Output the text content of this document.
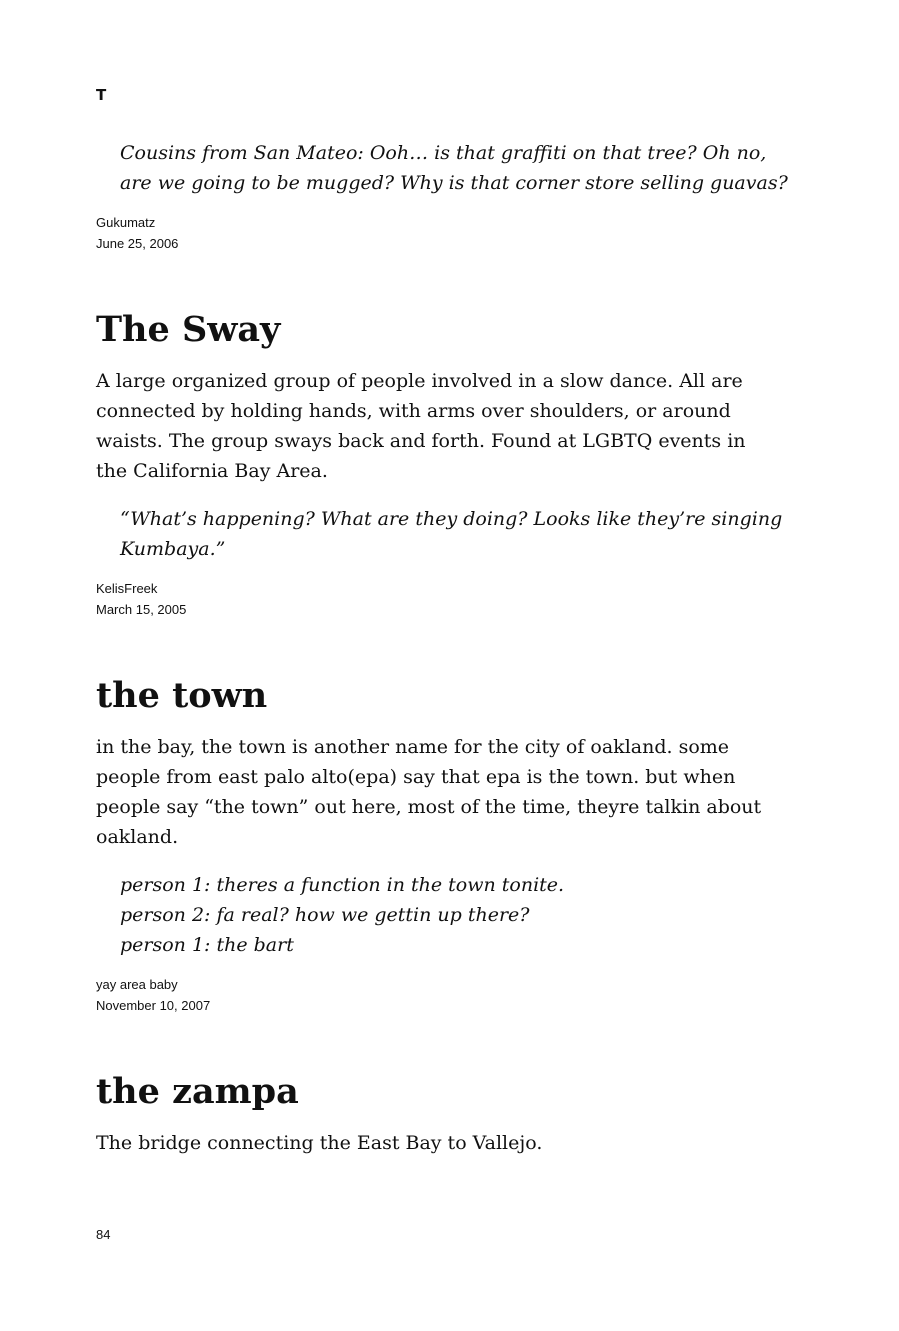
T

Cousins from San Mateo: Ooh… is that graffiti on that tree? Oh no,
are we going to be mugged? Why is that corner store selling guavas?

Gukumatz

June 25, 2006

The Sway

A large organized group of people involved in a slow dance. All are
connected by holding hands, with arms over shoulders, or around
waists. The group sways back and forth. Found at LGBTQ events in
the California Bay Area.

“What’s happening? What are they doing? Looks like they’re singing
Kumbaya.”

KelisFreek

March 15, 2005

the town

in the bay, the town is another name for the city of oakland. some
people from east palo alto(epa) say that epa is the town. but when
people say “the town” out here, most of the time, theyre talkin about
oakland.

person 1: theres a function in the town tonite.
person 2: fa real? how we gettin up there?
person 1: the bart

yay area baby

November 10, 2007

the zampa

The bridge connecting the East Bay to Vallejo.

84
